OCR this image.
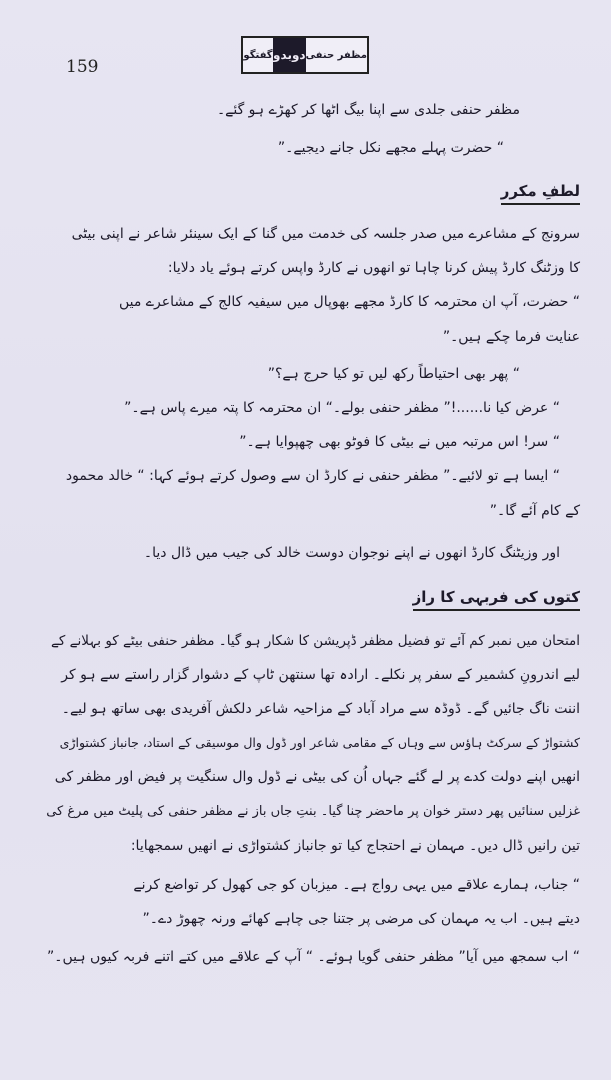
159
گفتگو دوبدو مظفر حنفی
مظفر حنفی جلدی سے اپنا بیگ اٹھا کر کھڑے ہو گئے۔
“ حضرت پہلے مجھے نکل جانے دیجیے۔”
لطفِ مکرر
سرونج کے مشاعرے میں صدر جلسہ کی خدمت میں گنا کے ایک سینئر شاعر نے اپنی بیٹی
کا وزٹنگ کارڈ پیش کرنا چاہا تو انھوں نے کارڈ واپس کرتے ہوئے یاد دلایا:
“ حضرت، آپ ان محترمہ کا کارڈ مجھے بھوپال میں سیفیہ کالج کے مشاعرے میں
عنایت فرما چکے ہیں۔”
“ پھر بھی احتیاطاً رکھ لیں تو کیا حرج ہے؟”
“ عرض کیا نا......!” مظفر حنفی بولے۔“ ان محترمہ کا پتہ میرے پاس ہے۔”
“ سر! اس مرتبہ میں نے بیٹی کا فوٹو بھی چھپوایا ہے۔”
“ ایسا ہے تو لائیے۔” مظفر حنفی نے کارڈ ان سے وصول کرتے ہوئے کہا: “ خالد محمود
کے کام آئے گا۔”
اور وزیٹنگ کارڈ انھوں نے اپنے نوجوان دوست خالد کی جیب میں ڈال دیا۔
کتوں کی فربہی کا راز
امتحان میں نمبر کم آئے تو فضیل مظفر ڈپریشن کا شکار ہو گیا۔ مظفر حنفی بیٹے کو بہلانے کے
لیے اندرونِ کشمیر کے سفر پر نکلے۔ ارادہ تھا سنتھن ٹاپ کے دشوار گزار راستے سے ہو کر
اننت ناگ جائیں گے۔ ڈوڈہ سے مراد آباد کے مزاحیہ شاعر دلکش آفریدی بھی ساتھ ہو لیے۔
کشتواڑ کے سرکٹ ہاؤس سے وہاں کے مقامی شاعر اور ڈول وال موسیقی کے استاد، جانباز کشتواڑی
انھیں اپنے دولت کدے پر لے گئے جہاں اُن کی بیٹی نے ڈول وال سنگیت پر فیض اور مظفر کی
غزلیں سنائیں پھر دستر خوان پر ماحضر چنا گیا۔ بنتِ جاں باز نے مظفر حنفی کی پلیٹ میں مرغ کی
تین رانیں ڈال دیں۔ مہمان نے احتجاج کیا تو جانباز کشتواڑی نے انھیں سمجھایا:
“ جناب، ہمارے علاقے میں یہی رواج ہے۔ میزبان کو جی کھول کر تواضع کرنے
دیتے ہیں۔ اب یہ مہمان کی مرضی پر جتنا جی چاہے کھائے ورنہ چھوڑ دے۔”
“ اب سمجھ میں آیا” مظفر حنفی گویا ہوئے۔ “ آپ کے علاقے میں کتے اتنے فربہ کیوں ہیں۔”
